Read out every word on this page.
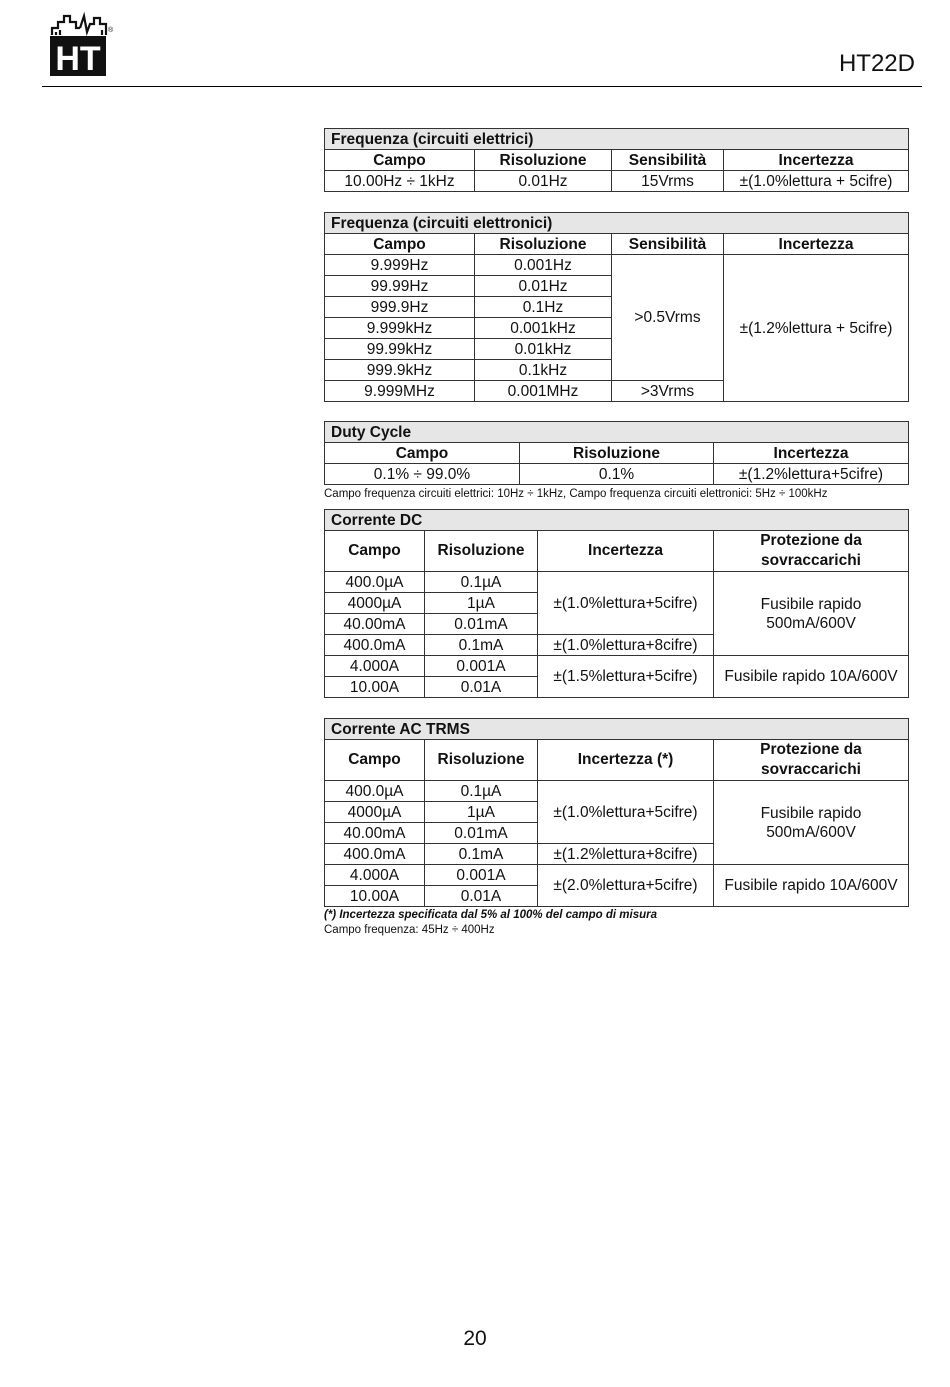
HT
®
HT22D
Frequenza (circuiti elettrici)			
Campo	Risoluzione	Sensibilità	Incertezza
10.00Hz ÷ 1kHz	0.01Hz	15Vrms	±(1.0%lettura + 5cifre)
Frequenza (circuiti elettronici)			
Campo	Risoluzione	Sensibilità	Incertezza
9.999Hz	0.001Hz	>0.5Vrms	±(1.2%lettura + 5cifre)
99.99Hz	0.01Hz		
999.9Hz	0.1Hz		
9.999kHz	0.001kHz		
99.99kHz	0.01kHz		
999.9kHz	0.1kHz		
9.999MHz	0.001MHz	>3Vrms	
Duty Cycle		
Campo	Risoluzione	Incertezza
0.1% ÷ 99.0%	0.1%	±(1.2%lettura+5cifre)
Campo frequenza circuiti elettrici: 10Hz ÷ 1kHz, Campo frequenza circuiti elettronici: 5Hz ÷ 100kHz
Corrente DC			
Campo	Risoluzione	Incertezza	Protezione da sovraccarichi
400.0µA	0.1µA	±(1.0%lettura+5cifre)	Fusibile rapido 500mA/600V
4000µA	1µA		
40.00mA	0.01mA		
400.0mA	0.1mA	±(1.0%lettura+8cifre)	
4.000A	0.001A	±(1.5%lettura+5cifre)	Fusibile rapido 10A/600V
10.00A	0.01A		
Corrente AC TRMS			
Campo	Risoluzione	Incertezza (*)	Protezione da sovraccarichi
400.0µA	0.1µA	±(1.0%lettura+5cifre)	Fusibile rapido 500mA/600V
4000µA	1µA		
40.00mA	0.01mA		
400.0mA	0.1mA	±(1.2%lettura+8cifre)	
4.000A	0.001A	±(2.0%lettura+5cifre)	Fusibile rapido 10A/600V
10.00A	0.01A		
(*) Incertezza specificata dal 5% al 100% del campo di misura
Campo frequenza: 45Hz ÷ 400Hz
20
